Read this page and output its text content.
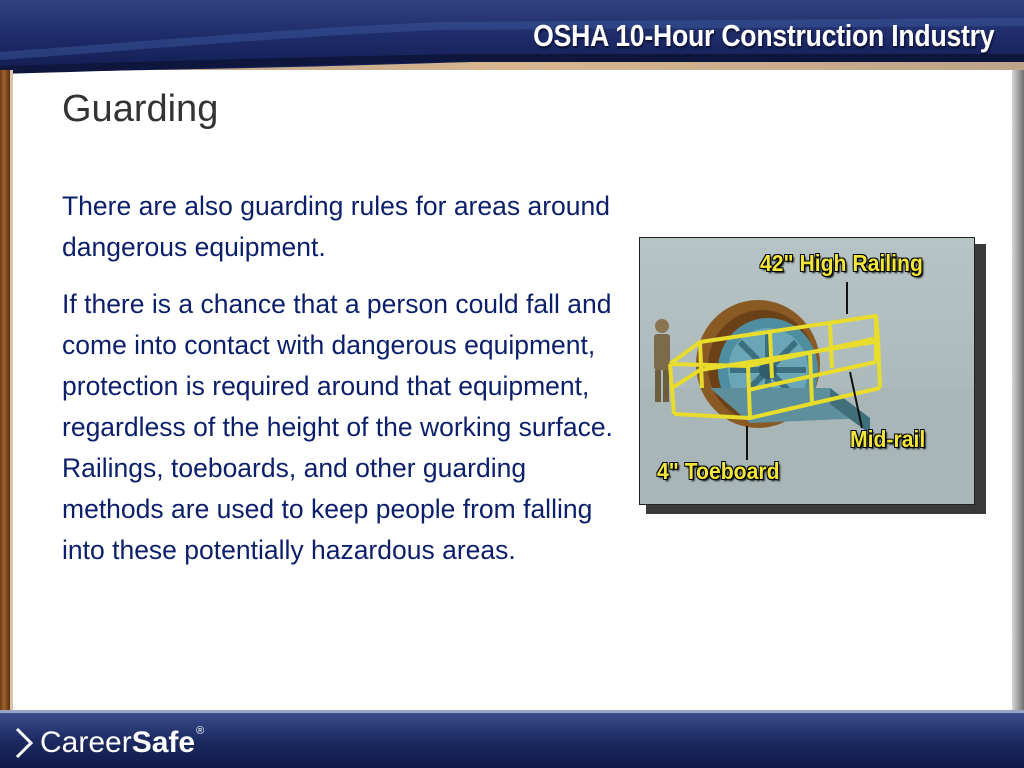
OSHA 10-Hour Construction Industry
Guarding

There are also guarding rules for areas around dangerous equipment.

If there is a chance that a person could fall and come into contact with dangerous equipment, protection is required around that equipment, regardless of the height of the working surface.  Railings, toeboards, and other guarding methods are used to keep people from falling into these potentially hazardous areas.

42" High Railing
Mid-rail
4" Toeboard
Career Safe ®
